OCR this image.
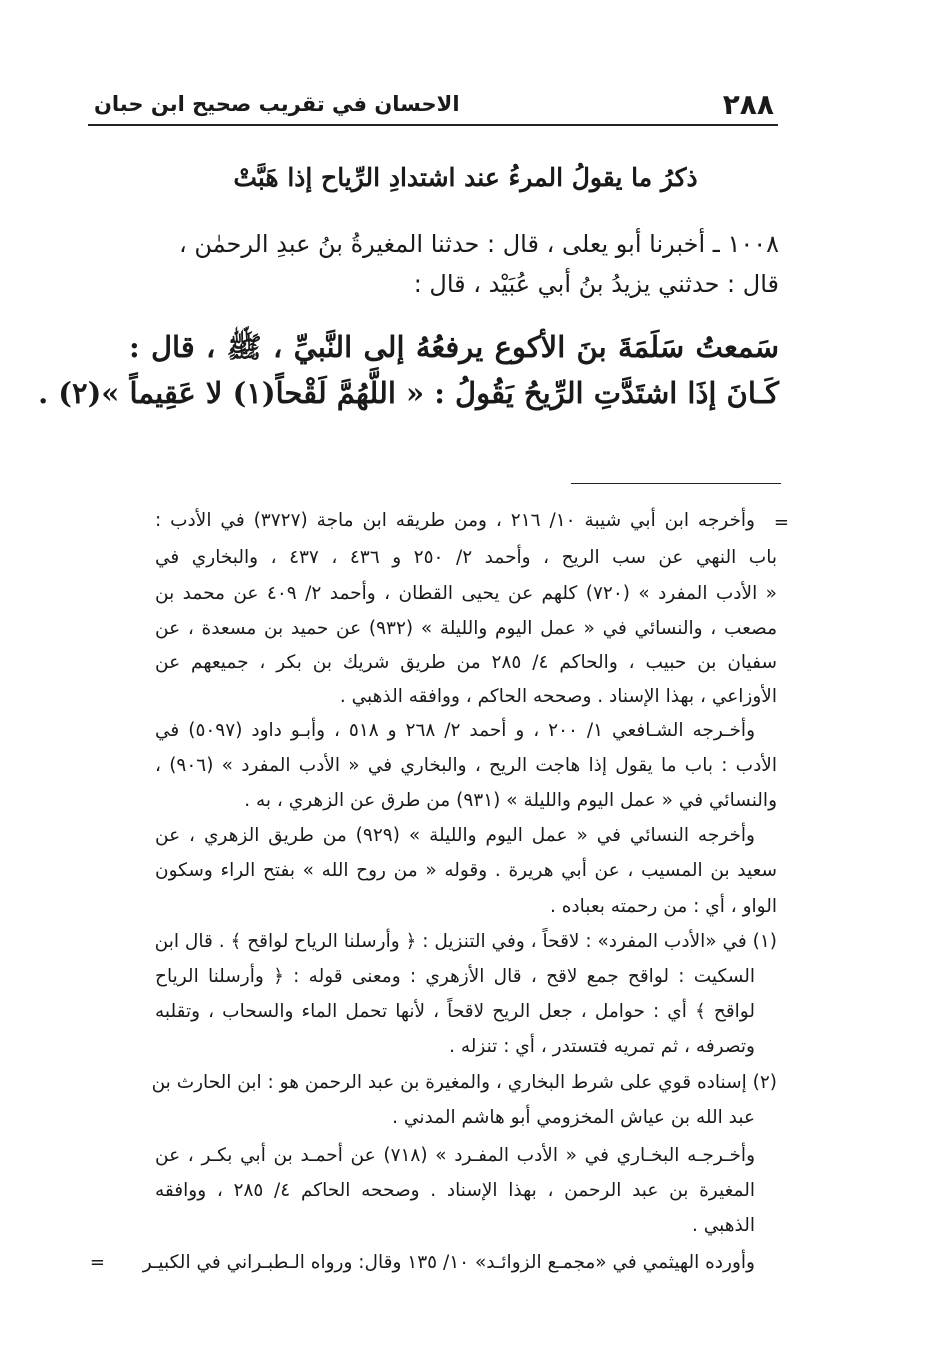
٢٨٨
الاحسان في تقريب صحيح ابن حبان
ذكرُ ما يقولُ المرءُ عند اشتدادِ الرِّياح إذا هَبَّتْ
١٠٠٨ ـ أخبرنا أبو يعلى ، قال : حدثنا المغيرةُ بنُ عبدِ الرحمٰن ،
قال : حدثني يزيدُ بنُ أبي عُبَيْد ، قال :
سَمعتُ سَلَمَةَ بنَ الأكوع يرفعُهُ إلى النَّبيِّ ، ﷺ ، قال :
كَـانَ إذَا اشتَدَّتِ الرِّيحُ يَقُولُ : « اللَّهُمَّ لَقْحاً(١) لا عَقِيماً »(٢) .
=
وأخرجه ابن أبي شيبة ١٠/ ٢١٦ ، ومن طريقه ابن ماجة (٣٧٢٧) في الأدب :
باب النهي عن سب الريح ، وأحمد ٢/ ٢٥٠ و ٤٣٦ ، ٤٣٧ ، والبخاري في
« الأدب المفرد » (٧٢٠) كلهم عن يحيى القطان ، وأحمد ٢/ ٤٠٩ عن محمد بن
مصعب ، والنسائي في « عمل اليوم والليلة » (٩٣٢) عن حميد بن مسعدة ، عن
سفيان بن حبيب ، والحاكم ٤/ ٢٨٥ من طريق شريك بن بكر ، جميعهم عن
الأوزاعي ، بهذا الإسناد . وصححه الحاكم ، ووافقه الذهبي .
وأخـرجه الشـافعي ١/ ٢٠٠ ، و أحمد ٢/ ٢٦٨ و ٥١٨ ، وأبـو داود (٥٠٩٧) في
الأدب : باب ما يقول إذا هاجت الريح ، والبخاري في « الأدب المفرد » (٩٠٦) ،
والنسائي في « عمل اليوم والليلة » (٩٣١) من طرق عن الزهري ، به .
وأخرجه النسائي في « عمل اليوم والليلة » (٩٢٩) من طريق الزهري ، عن
سعيد بن المسيب ، عن أبي هريرة . وقوله « من روح الله » بفتح الراء وسكون
الواو ، أي : من رحمته بعباده .
(١) في «الأدب المفرد» : لاقحاً ، وفي التنزيل : ﴿ وأرسلنا الرياح لواقح ﴾ . قال ابن
السكيت : لواقح جمع لاقح ، قال الأزهري : ومعنى قوله : ﴿ وأرسلنا الرياح
لواقح ﴾ أي : حوامل ، جعل الريح لاقحاً ، لأنها تحمل الماء والسحاب ، وتقلبه
وتصرفه ، ثم تمريه فتستدر ، أي : تنزله .
(٢) إسناده قوي على شرط البخاري ، والمغيرة بن عبد الرحمن هو : ابن الحارث بن
عبد الله بن عياش المخزومي أبو هاشم المدني .
وأخـرجـه البخـاري في « الأدب المفـرد » (٧١٨) عن أحمـد بن أبي بكـر ، عن
المغيرة بن عبد الرحمن ، بهذا الإسناد . وصححه الحاكم ٤/ ٢٨٥ ، ووافقه
الذهبي .
وأورده الهيثمي في «مجمـع الزوائـد» ١٠/ ١٣٥ وقال: ورواه الـطبـراني في الكبيـر
=
